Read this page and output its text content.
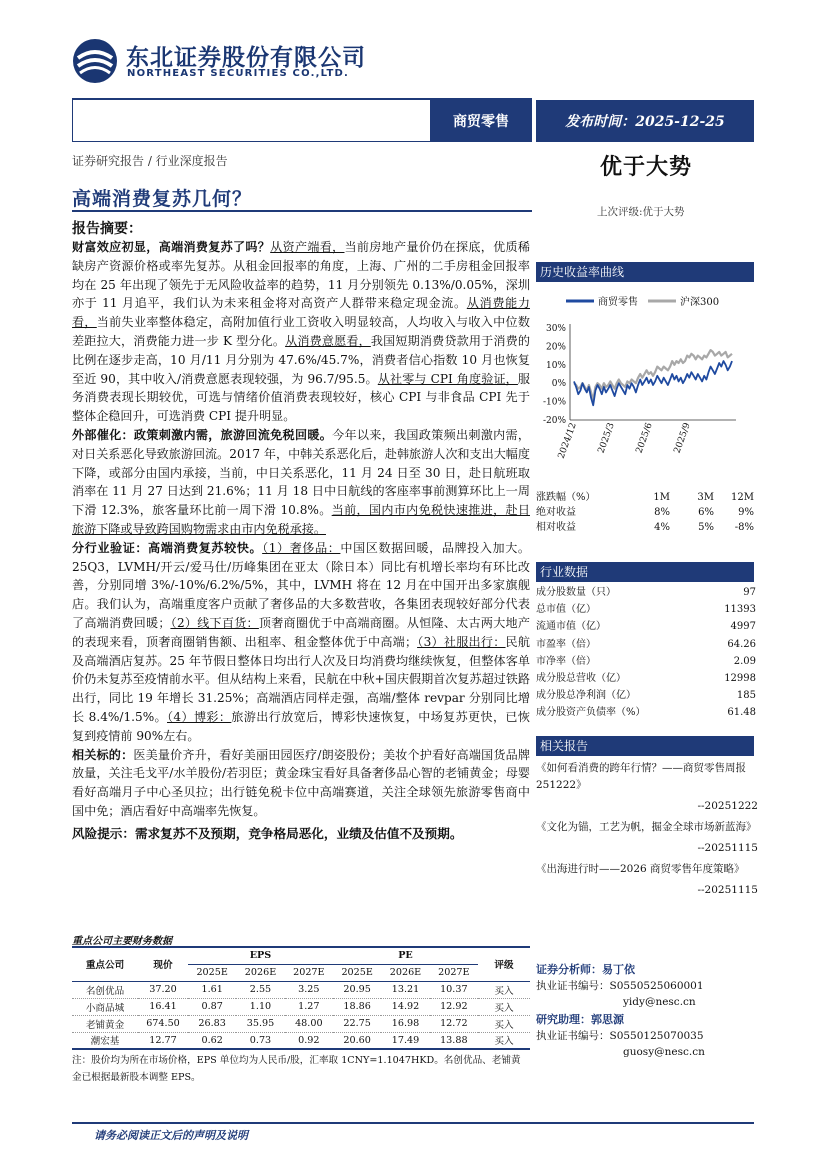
东北证券股份有限公司
NORTHEAST SECURITIES CO.,LTD.
商贸零售	发布时间：2025-12-25
证券研究报告 / 行业深度报告	优于大势
高端消费复苏几何？
上次评级:优于大势
报告摘要：

财富效应初显，高端消费复苏了吗？从资产端看，当前房地产量价仍在探底，优质稀缺房产资源价格或率先复苏。从租金回报率的角度，上海、广州的二手房租金回报率均在 25 年出现了领先于无风险收益率的趋势，11 月分别领先 0.13%/0.05%，深圳亦于 11 月追平，我们认为未来租金将对高资产人群带来稳定现金流。从消费能力看，当前失业率整体稳定，高附加值行业工资收入明显较高，人均收入与收入中位数差距拉大，消费能力进一步 K 型分化。从消费意愿看，我国短期消费贷款用于消费的比例在逐步走高，10 月/11 月分别为 47.6%/45.7%，消费者信心指数 10 月也恢复至近 90，其中收入/消费意愿表现较强，为 96.7/95.5。从社零与 CPI 角度验证，服务消费表现长期较优，可选与情绪价值消费表现较好，核心 CPI 与非食品 CPI 先于整体企稳回升，可选消费 CPI 提升明显。

外部催化：政策刺激内需，旅游回流免税回暖。今年以来，我国政策频出刺激内需，对日关系恶化导致旅游回流。2017 年，中韩关系恶化后，赴韩旅游人次和支出大幅度下降，或部分由国内承接，当前，中日关系恶化，11 月 24 日至 30 日，赴日航班取消率在 11 月 27 日达到 21.6%；11 月 18 日中日航线的客座率事前测算环比上一周下滑 12.3%，旅客量环比前一周下滑 10.8%。当前，国内市内免税快速推进，赴日旅游下降或导致跨国购物需求由市内免税承接。

分行业验证：高端消费复苏较快。（1）奢侈品：中国区数据回暖，品牌投入加大。25Q3，LVMH/开云/爱马仕/历峰集团在亚太（除日本）同比有机增长率均有环比改善，分别同增 3%/-10%/6.2%/5%，其中，LVMH 将在 12 月在中国开出多家旗舰店。我们认为，高端重度客户贡献了奢侈品的大多数营收，各集团表现较好部分代表了高端消费回暖；（2）线下百货：顶奢商圈优于中高端商圈。从恒隆、太古两大地产的表现来看，顶奢商圈销售额、出租率、租金整体优于中高端；（3）社服出行：民航及高端酒店复苏。25 年节假日整体日均出行人次及日均消费均继续恢复，但整体客单价仍未复苏至疫情前水平。但从结构上来看，民航在中秋+国庆假期首次复苏超过铁路出行，同比 19 年增长 31.25%；高端酒店同样走强，高端/整体 revpar 分别同比增长 8.4%/1.5%。（4）博彩：旅游出行放宽后，博彩快速恢复，中场复苏更快，已恢复到疫情前 90%左右。

相关标的：医美量价齐升，看好美丽田园医疗/朗姿股份；美妆个护看好高端国货品牌放量，关注毛戈平/水羊股份/若羽臣；黄金珠宝看好具备奢侈品心智的老铺黄金；母婴看好高端月子中心圣贝拉；出行链免税卡位中高端赛道，关注全球领先旅游零售商中国中免；酒店看好中高端率先恢复。

风险提示：需求复苏不及预期，竞争格局恶化，业绩及估值不及预期。

历史收益率曲线
商贸零售	沪深300
30%
20%
10%
0%
-10%
-20%
2024/12 2025/3 2025/6 2025/9
涨跌幅（%）	1M	3M	12M
绝对收益	8%	6%	9%
相对收益	4%	5%	-8%
行业数据
成分股数量（只）	97
总市值（亿）	11393
流通市值（亿）	4997
市盈率（倍）	64.26
市净率（倍）	2.09
成分股总营收（亿）	12998
成分股总净利润（亿）	185
成分股资产负债率（%）	61.48
相关报告
《如何看消费的跨年行情？——商贸零售周报 251222》
--20251222
《文化为锚，工艺为帆，掘金全球市场新蓝海》
--20251115
《出海进行时——2026 商贸零售年度策略》
--20251115
证券分析师：易丁依
执业证书编号：S0550525060001
yidy@nesc.cn
研究助理：郭思源
执业证书编号：S0550125070035
guosy@nesc.cn
重点公司主要财务数据
重点公司	现价	EPS			PE			评级
		2025E	2026E	2027E	2025E	2026E	2027E	
名创优品	37.20	1.61	2.55	3.25	20.95	13.21	10.37	买入
小商品城	16.41	0.87	1.10	1.27	18.86	14.92	12.92	买入
老铺黄金	674.50	26.83	35.95	48.00	22.75	16.98	12.72	买入
潮宏基	12.77	0.62	0.73	0.92	20.60	17.49	13.88	买入
注：股价均为所在市场价格，EPS 单位均为人民币/股，汇率取 1CNY=1.1047HKD。名创优品、老铺黄金已根据最新股本调整 EPS。
请务必阅读正文后的声明及说明
